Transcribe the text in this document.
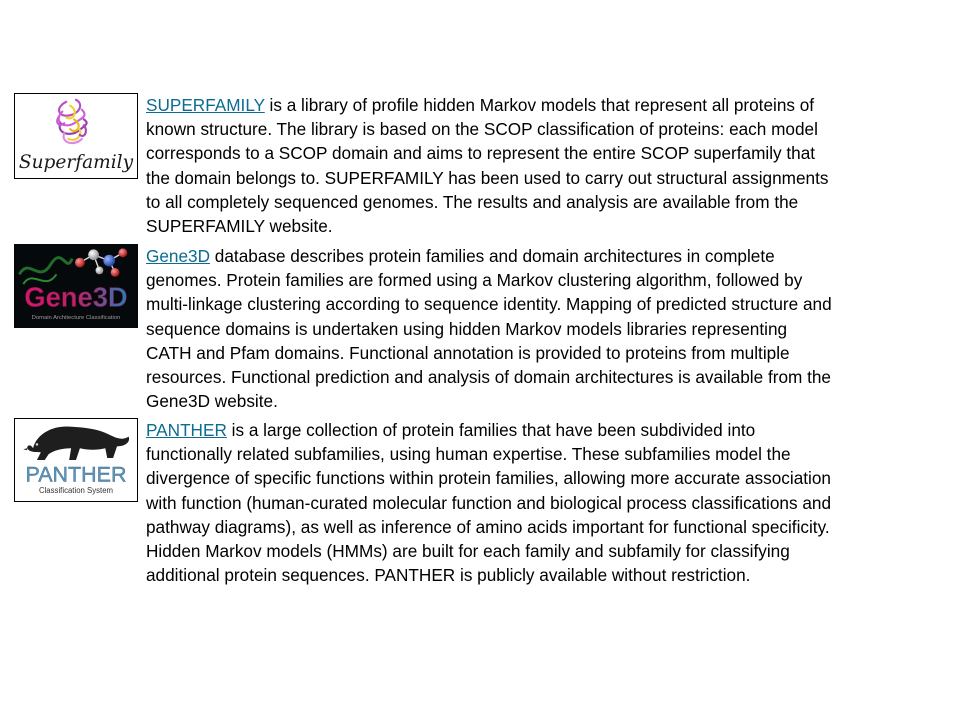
Superfamily
SUPERFAMILY is a library of profile hidden Markov models that represent all proteins of
known structure. The library is based on the SCOP classification of proteins: each model
corresponds to a SCOP domain and aims to represent the entire SCOP superfamily that
the domain belongs to. SUPERFAMILY has been used to carry out structural assignments
to all completely sequenced genomes. The results and analysis are available from the
SUPERFAMILY website.
Gene3D
Domain Architecture Classification
Gene3D database describes protein families and domain architectures in complete
genomes. Protein families are formed using a Markov clustering algorithm, followed by
multi-linkage clustering according to sequence identity. Mapping of predicted structure and
sequence domains is undertaken using hidden Markov models libraries representing
CATH and Pfam domains. Functional annotation is provided to proteins from multiple
resources. Functional prediction and analysis of domain architectures is available from the
Gene3D website.
PANTHER
Classification System
PANTHER is a large collection of protein families that have been subdivided into
functionally related subfamilies, using human expertise. These subfamilies model the
divergence of specific functions within protein families, allowing more accurate association
with function (human-curated molecular function and biological process classifications and
pathway diagrams), as well as inference of amino acids important for functional specificity.
Hidden Markov models (HMMs) are built for each family and subfamily for classifying
additional protein sequences. PANTHER is publicly available without restriction.
